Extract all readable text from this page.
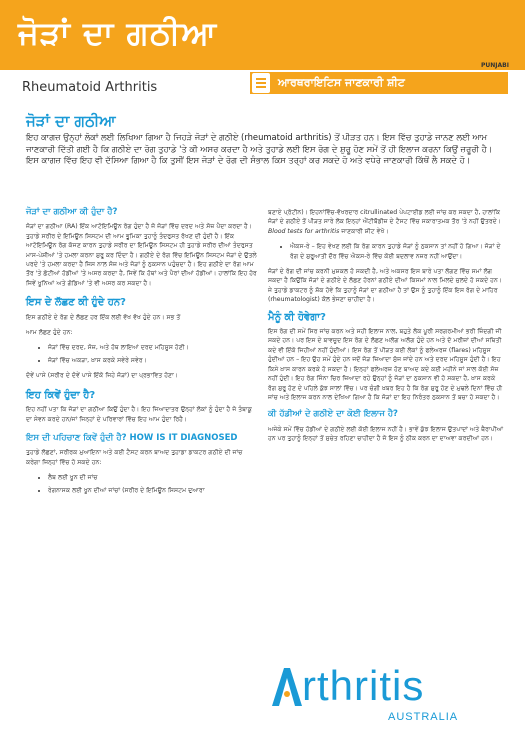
ਜੋੜਾਂ ਦਾ ਗਠੀਆ
PUNJABI
Rheumatoid Arthritis	ਆਰਥਰਾਇਟਿਸ ਜਾਣਕਾਰੀ ਸ਼ੀਟ
ਜੋੜਾਂ ਦਾ ਗਠੀਆ
ਇਹ ਕਾਗਜ਼ ਉਨ੍ਹਾਂ ਲੋਕਾਂ ਲਈ ਲਿਖਿਆ ਗਿਆ ਹੈ ਜਿਹੜੇ ਜੋੜਾਂ ਦੇ ਗਠੀਏ (rheumatoid arthritis) ਤੋਂ ਪੀੜਤ ਹਨ। ਇਸ ਵਿੱਚ ਤੁਹਾਡੇ ਜਾਨਣ ਲਈ ਆਮ ਜਾਣਕਾਰੀ ਦਿੱਤੀ ਗਈ ਹੈ ਕਿ ਗਠੀਏ ਦਾ ਰੋਗ ਤੁਹਾਡੇ 'ਤੇ ਕੀ ਅਸਰ ਕਰਦਾ ਹੈ ਅਤੇ ਤੁਹਾਡੇ ਲਈ ਇਸ ਰੋਗ ਦੇ ਸ਼ੁਰੂ ਹੋਣ ਸਮੇਂ ਤੋਂ ਹੀ ਇਲਾਜ ਕਰਨਾ ਕਿਉਂ ਜ਼ਰੂਰੀ ਹੈ। ਇਸ ਕਾਗਜ਼ ਵਿੱਚ ਇਹ ਵੀ ਦੱਸਿਆ ਗਿਆ ਹੈ ਕਿ ਤੁਸੀਂ ਇਸ ਜੋੜਾਂ ਦੇ ਰੋਗ ਦੀ ਸੰਭਾਲ ਕਿਸ ਤਰ੍ਹਾਂ ਕਰ ਸਕਦੇ ਹੋ ਅਤੇ ਵਧੇਰੇ ਜਾਣਕਾਰੀ ਕਿੱਥੋਂ ਲੈ ਸਕਦੇ ਹੋ।
ਜੋੜਾਂ ਦਾ ਗਠੀਆ ਕੀ ਹੁੰਦਾ ਹੈ?

ਜੋੜਾਂ ਦਾ ਗਠੀਆ (RA) ਇੱਕ ਆਟੋਇਮਿਊਨ ਰੋਗ ਹੁੰਦਾ ਹੈ ਜੋ ਜੋੜਾਂ ਵਿੱਚ ਦਰਦ ਅਤੇ ਸੋਜ਼ ਪੈਦਾ ਕਰਦਾ ਹੈ। ਤੁਹਾਡੇ ਸਰੀਰ ਦੇ ਇਮਿਊਨ ਸਿਸਟਮ ਦੀ ਆਮ ਭੂਮਿਕਾ ਤੁਹਾਨੂੰ ਤੰਦਰੁਸਤ ਰੱਖਣ ਦੀ ਹੁੰਦੀ ਹੈ। ਇੱਕ ਆਟੋਇਮਿਊਨ ਰੋਗ ਕੱਜਣ ਕਾਰਨ ਤੁਹਾਡੇ ਸਰੀਰ ਦਾ ਇਮਿਊਨ ਸਿਸਟਮ ਹੀ ਤੁਹਾਡੇ ਸਰੀਰ ਦੀਆਂ ਤੰਦਰੁਸਤ ਮਾਸ-ਪੇਸ਼ੀਆਂ 'ਤੇ ਹਮਲਾ ਕਰਨਾ ਸ਼ੁਰੂ ਕਰ ਦਿੰਦਾ ਹੈ। ਗਠੀਏ ਦੇ ਰੋਗ ਵਿੱਚ ਇਮਿਊਨ ਸਿਸਟਮ ਜੋੜਾਂ ਦੇ ਉਤਲੇ ਪਰਦੇ 'ਤੇ ਹਮਲਾ ਕਰਦਾ ਹੈ ਜਿਸ ਨਾਲ ਸੋਜ਼ ਅਤੇ ਜੋੜਾਂ ਨੂੰ ਨੁਕਸਾਨ ਪਹੁੰਚਦਾ ਹੈ। ਇਹ ਗਠੀਏ ਦਾ ਰੋਗ ਆਮ ਤੌਰ 'ਤੇ ਛੋਟੀਆਂ ਹੱਡੀਆਂ 'ਤੇ ਅਸਰ ਕਰਦਾ ਹੈ, ਜਿਵੇਂ ਕਿ ਹੱਥਾਂ ਅਤੇ ਪੈਰਾਂ ਦੀਆਂ ਹੱਡੀਆਂ। ਹਾਲਾਂਕਿ ਇਹ ਹੋਰ ਜਿਵੇਂ ਖੂਨਿਆਂ ਅਤੇ ਗੋਡਿਆਂ 'ਤੇ ਵੀ ਅਸਰ ਕਰ ਸਕਦਾ ਹੈ।

ਇਸ ਦੇ ਲੱਛਣ ਕੀ ਹੁੰਦੇ ਹਨ?

ਇਸ ਗਠੀਏ ਦੇ ਰੋਗ ਦੇ ਲੱਛਣ ਹਰ ਇੱਕ ਲਈ ਵੱਖ ਵੱਖ ਹੁੰਦੇ ਹਨ। ਸਭ ਤੋਂ

ਆਮ ਲੱਛਣ ਹੁੰਦੇ ਹਨ:

• ਜੋੜਾਂ ਵਿੱਚ ਦਰਦ, ਸੋਜ਼, ਅਤੇ ਹੱਥ ਲਾਇਆਂ ਦਰਦ ਮਹਿਸੂਸ ਹੋਣੀ।
• ਜੋੜਾਂ ਵਿੱਚ ਅਕੜਾ, ਖ਼ਾਸ ਕਰਕੇ ਸਵੇਰੇ ਸਵੇਰ।

ਦੋਵੇਂ ਪਾਸੇ (ਸਰੀਰ ਦੇ ਦੋਵੇਂ ਪਾਸੇ ਇੱਕੋ ਜਿਹੇ ਜੋੜਾਂ) ਦਾ ਪ੍ਰਭਾਵਿਤ ਹੋਣਾ।

ਇਹ ਕਿਵੇਂ ਹੁੰਦਾ ਹੈ?

ਇਹ ਨਹੀਂ ਪਤਾ ਕਿ ਜੋੜਾਂ ਦਾ ਗਠੀਆ ਕਿਉਂ ਹੁੰਦਾ ਹੈ। ਇਹ ਜਿਆਦਾਤਰ ਉਨ੍ਹਾਂ ਲੋਕਾਂ ਨੂੰ ਹੁੰਦਾ ਹੈ ਜੋ ਤੰਬਾਕੂ ਦਾ ਸੇਵਨ ਕਰਦੇ ਹਨ/ਜਾਂ ਜਿਨ੍ਹਾਂ ਦੇ ਪਰਿਵਾਰਾਂ ਵਿੱਚ ਇਹ ਆਮ ਹੁੰਦਾ ਰਿਹੈ।

ਇਸ ਦੀ ਪਹਿਚਾਣ ਕਿਵੇਂ ਹੁੰਦੀ ਹੈ? HOW IS IT DIAGNOSED

ਤੁਹਾਡੇ ਲੱਛਣਾਂ, ਸਰੀਰਕ ਮੁਆਇਨਾ ਅਤੇ ਕਈ ਟੈਸਟ ਕਰਨ ਬਾਅਦ ਤੁਹਾਡਾ ਡਾਕਟਰ ਗਠੀਏ ਦੀ ਜਾਂਚ ਕਰੇਗਾ ਜਿਨ੍ਹਾਂ ਵਿੱਚ ਹੋ ਸਕਦੇ ਹਨ:

• ਲੈਬ ਲਈ ਖੂਨ ਦੀ ਜਾਂਚ
• ਰੇਗਨਾਸਕ ਲਈ ਖੂਨ ਦੀਆਂ ਜਾਂਚਾਂ (ਸਰੀਰ ਦੇ ਇਮਿਊਨ ਸਿਸਟਮ ਦੁਆਰਾ

ਬਣਾਏ ਪ੍ਰੋਟੀਨ)। ਇਹਨਾਂਵਿੱਚ-ਵੱਖਰਦਾਰ citrullinated ਪੇਪਟਾਈਡ ਲਈ ਜਾਂਚ ਕਰ ਸਕਦਾ ਹੈ, ਹਾਲਾਂਕਿ ਜੋੜਾਂ ਦੇ ਗਠੀਏ ਤੋਂ ਪੀੜਤ ਸਾਰੇ ਲੋਕ ਇਨ੍ਹਾਂ ਐਂਟੀਬੌਡੀਜ਼ ਦੇ ਟੈਸਟ ਵਿੱਚ ਸਕਾਰਾਤਮਕ ਤੌਰ 'ਤੇ ਨਹੀਂ ਉਤਰਦੇ। Blood tests for arthritis ਜਾਣਕਾਰੀ ਸ਼ੀਟ ਵੇਖੋ।

• ਐਕਸ-ਰੇ – ਇਹ ਵੇਖਣ ਲਈ ਕਿ ਰੋਗ ਕਾਰਨ ਤੁਹਾਡੇ ਜੋੜਾਂ ਨੂੰ ਨੁਕਸਾਨ ਤਾਂ ਨਹੀਂ ਹੋ ਗਿਆ। ਜੋੜਾਂ ਦੇ ਰੋਗ ਦੇ ਸ਼ੁਰੂਆਤੀ ਦੌਰ ਵਿੱਚ ਐਕਸ-ਰੇ ਵਿੱਚ ਕੋਈ ਬਦਲਾਵ ਨਜ਼ਰ ਨਹੀਂ ਆਉਂਦਾ।

ਜੋੜਾਂ ਦੇ ਰੋਗ ਦੀ ਜਾਂਚ ਕਰਨੀ ਮੁਸ਼ਕਲ ਹੋ ਸਕਦੀ ਹੈ, ਅਤੇ ਅਕਸਰ ਇਸ ਬਾਰੇ ਪਤਾ ਲੱਗਣ ਵਿੱਚ ਸਮਾਂ ਲੱਗ ਸਕਦਾ ਹੈ ਕਿਉਂਕਿ ਜੋੜਾਂ ਦੇ ਗਠੀਏ ਦੇ ਲੱਛਣ ਹੋਰਨਾਂ ਗਠੀਏ ਦੀਆਂ ਕਿਸਮਾਂ ਨਾਲ ਮਿਲਦੇ ਜੁਲਦੇ ਹੋ ਸਕਦੇ ਹਨ। ਜੇ ਤੁਹਾਡੇ ਡਾਕਟਰ ਨੂੰ ਸ਼ੱਕ ਹੋਵੇ ਕਿ ਤੁਹਾਨੂੰ ਜੋੜਾਂ ਦਾ ਗਠੀਆ ਹੈ ਤਾਂ ਉਸ ਨੂੰ ਤੁਹਾਨੂੰ ਇੱਕ ਇਸ ਰੋਗ ਦੇ ਮਾਹਿਰ (rheumatologist) ਕੋਲ ਭੇਜਣਾ ਚਾਹੀਦਾ ਹੈ।

ਮੈਨੂੰ ਕੀ ਹੋਵੇਗਾ?

ਇਸ ਰੋਗ ਦੀ ਸਮੇਂ ਸਿਰ ਜਾਂਚ ਕਰਨ ਅਤੇ ਸਹੀ ਇਲਾਜ ਨਾਲ, ਬਹੁਤੇ ਲੋਕ ਪੂਰੀ ਸਰਗਰਮੀਆਂ ਭਰੀ ਜ਼ਿੰਦਗੀ ਜੀ ਸਕਦੇ ਹਨ। ਪਰ ਇਸ ਦੇ ਬਾਵਜੂਦ ਇਸ ਰੋਗ ਦੇ ਲੱਛਣ ਅਲੱਗ ਅਲੱਗ ਹੁੰਦੇ ਹਨ ਅਤੇ ਦੋ ਮਰੀਜ਼ਾਂ ਦੀਆਂ ਸਥਿਤੀ ਕਦੇ ਵੀ ਇੱਕੋ ਜਿਹੀਆਂ ਨਹੀਂ ਹੁੰਦੀਆਂ। ਇਸ ਰੋਗ ਤੋਂ ਪੀੜਤ ਕਈ ਲੋਕਾਂ ਨੂੰ ਫਲੇਅਰਜ਼ (flares) ਮਹਿਸੂਸ ਹੁੰਦੀਆਂ ਹਨ – ਇਹ ਉਹ ਸਮੇਂ ਹੁੰਦੇ ਹਨ ਜਦੋਂ ਜੋੜ ਜ਼ਿਆਦਾ ਸੁੱਜ ਜਾਂਦੇ ਹਨ ਅਤੇ ਦਰਦ ਮਹਿਸੂਸ ਹੁੰਦੀ ਹੈ। ਇਹ ਕਿਸੇ ਖ਼ਾਸ ਕਾਰਨ ਕਰਕੇ ਹੋ ਸਕਦਾ ਹੈ। ਇਨ੍ਹਾਂ ਫਲੇਅਰਜ਼ ਹੋਣ ਬਾਅਦ ਕਦੇ ਕਈ ਮਹੀਨੇ ਜਾਂ ਸਾਲ ਕੋਈ ਸੋਜ਼ ਨਹੀਂ ਹੁੰਦੀ। ਇਹ ਰੋਗ ਜਿੰਨਾ ਚਿਰ ਜ਼ਿਆਦਾ ਰਹੇ ਉਨ੍ਹਾਂ ਨੂੰ ਜੋੜਾਂ ਦਾ ਨੁਕਸਾਨ ਵੀ ਹੋ ਸਕਦਾ ਹੈ, ਖ਼ਾਸ ਕਰਕੇ ਰੋਗ ਸ਼ੁਰੂ ਹੋਣ ਦੇ ਪਹਿਲੇ ਕੁੱਝ ਸਾਲਾਂ ਵਿੱਚ। ਪਰ ਚੰਗੀ ਖ਼ਬਰ ਇਹ ਹੈ ਕਿ ਰੋਗ ਸ਼ੁਰੂ ਹੋਣ ਦੇ ਮੁਢਲੇ ਦਿਨਾਂ ਵਿੱਚ ਹੀ ਜਾਂਚ ਅਤੇ ਇਲਾਜ ਕਰਨ ਨਾਲ ਦੇਖਿਆ ਗਿਆ ਹੈ ਕਿ ਜੋੜਾਂ ਦਾ ਇਹ ਨਿਰੰਤਰ ਨੁਕਸਾਨ ਤੋਂ ਬਚਾ ਹੋ ਸਕਦਾ ਹੈ।

ਕੀ ਹੱਡੀਆਂ ਦੇ ਗਠੀਏ ਦਾ ਕੋਈ ਇਲਾਜ ਹੈ?

ਅਜੇਕੇ ਸਮੇਂ ਵਿੱਚ ਹੱਡੀਆਂ ਦੇ ਗਠੀਏ ਲਈ ਕੋਈ ਇਲਾਜ ਨਹੀਂ ਹੈ। ਭਾਵੇਂ ਕੁੱਝ ਇਲਾਜ ਉਤਪਾਦਾਂ ਅਤੇ ਥੈਰਾਪੀਆਂ ਹਨ ਪਰ ਤੁਹਾਨੂੰ ਇਨ੍ਹਾਂ ਤੋਂ ਸੁਚੇਤ ਰਹਿਣਾ ਚਾਹੀਦਾ ਹੈ ਜੋ ਇਸ ਨੂੰ ਠੀਕ ਕਰਨ ਦਾ ਦਾਅਵਾ ਕਰਦੀਆਂ ਹਨ।

rthritis
AUSTRALIA
